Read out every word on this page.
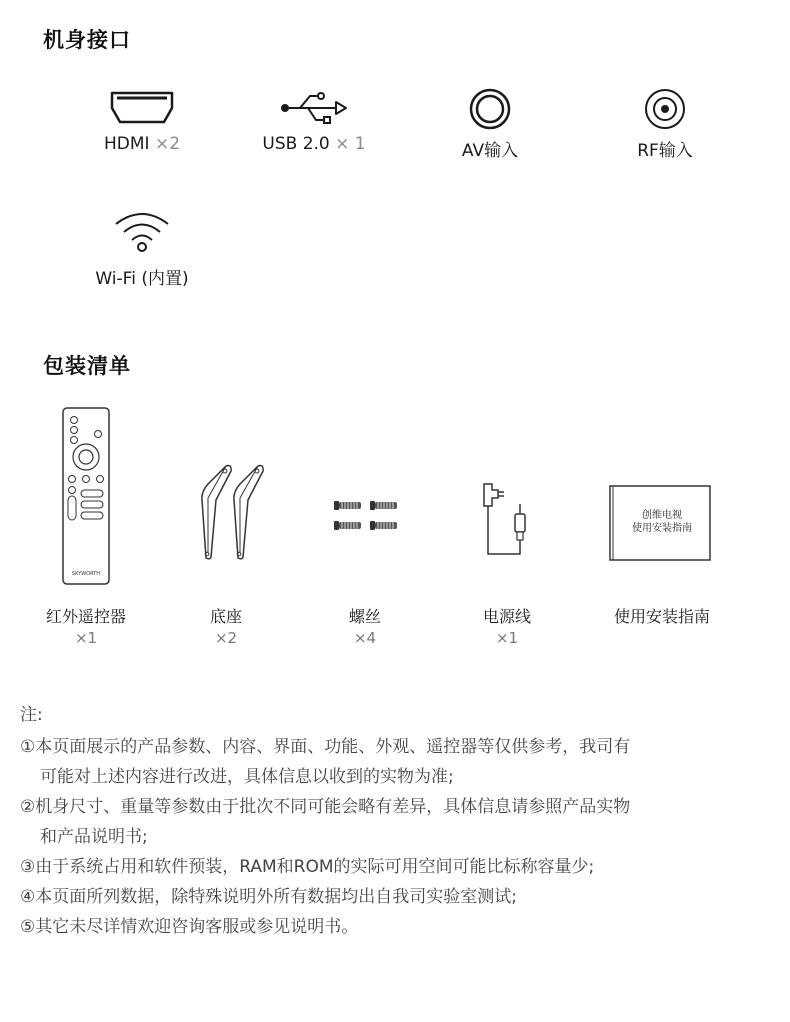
机身接口
HDMI ×2	USB 2.0 × 1	AV输入	RF输入
Wi-Fi (内置)
包装清单
SKYWORTH
创维电视
使用安装指南
红外遥控器
×1
底座
×2
螺丝
×4
电源线
×1
使用安装指南
注:
①本页面展示的产品参数、内容、界面、功能、外观、遥控器等仅供参考，我司有
可能对上述内容进行改进，具体信息以收到的实物为准;
②机身尺寸、重量等参数由于批次不同可能会略有差异，具体信息请参照产品实物
和产品说明书;
③由于系统占用和软件预装，RAM和ROM的实际可用空间可能比标称容量少;
④本页面所列数据，除特殊说明外所有数据均出自我司实验室测试;
⑤其它未尽详情欢迎咨询客服或参见说明书。
